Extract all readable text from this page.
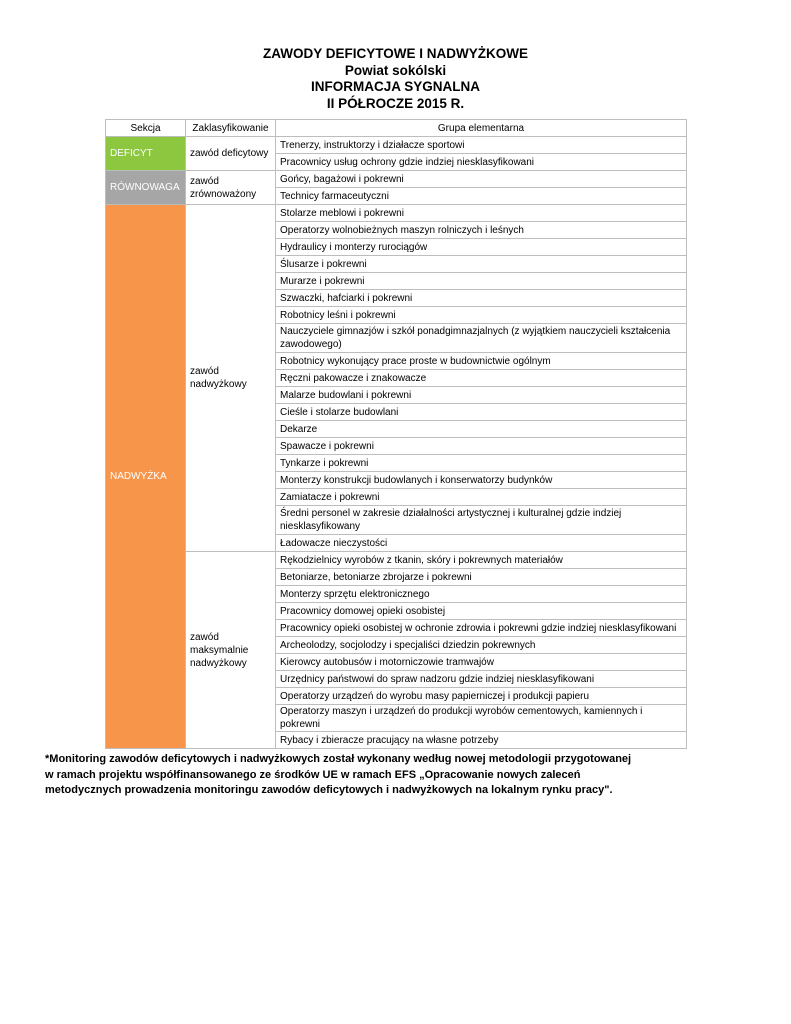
ZAWODY DEFICYTOWE I NADWYŻKOWE

Powiat sokólski

INFORMACJA SYGNALNA

II PÓŁROCZE 2015 R.

Sekcja	Zaklasyfikowanie	Grupa elementarna
DEFICYT	zawód deficytowy	Trenerzy, instruktorzy i działacze sportowi
		Pracownicy usług ochrony gdzie indziej niesklasyfikowani
RÓWNOWAGA	zawód zrównoważony	Gońcy, bagażowi i pokrewni
		Technicy farmaceutyczni
NADWYŻKA	zawód nadwyżkowy	Stolarze meblowi i pokrewni
		Operatorzy wolnobieżnych maszyn rolniczych i leśnych
		Hydraulicy i monterzy rurociągów
		Ślusarze i pokrewni
		Murarze i pokrewni
		Szwaczki, hafciarki i pokrewni
		Robotnicy leśni i pokrewni
		Nauczyciele gimnazjów i szkół ponadgimnazjalnych (z wyjątkiem nauczycieli kształcenia zawodowego)
		Robotnicy wykonujący prace proste w budownictwie ogólnym
		Ręczni pakowacze i znakowacze
		Malarze budowlani i pokrewni
		Cieśle i stolarze budowlani
		Dekarze
		Spawacze i pokrewni
		Tynkarze i pokrewni
		Monterzy konstrukcji budowlanych i konserwatorzy budynków
		Zamiatacze i pokrewni
		Średni personel w zakresie działalności artystycznej i kulturalnej gdzie indziej niesklasyfikowany
		Ładowacze nieczystości
	zawód maksymalnie nadwyżkowy	Rękodzielnicy wyrobów z tkanin, skóry i pokrewnych materiałów
		Betoniarze, betoniarze zbrojarze i pokrewni
		Monterzy sprzętu elektronicznego
		Pracownicy domowej opieki osobistej
		Pracownicy opieki osobistej w ochronie zdrowia i pokrewni gdzie indziej niesklasyfikowani
		Archeolodzy, socjolodzy i specjaliści dziedzin pokrewnych
		Kierowcy autobusów i motorniczowie tramwajów
		Urzędnicy państwowi do spraw nadzoru gdzie indziej niesklasyfikowani
		Operatorzy urządzeń do wyrobu masy papierniczej i produkcji papieru
		Operatorzy maszyn i urządzeń do produkcji wyrobów cementowych, kamiennych i pokrewni
		Rybacy i zbieracze pracujący na własne potrzeby

*Monitoring zawodów deficytowych i nadwyżkowych został wykonany według nowej metodologii przygotowanej

w ramach projektu współfinansowanego ze środków UE w ramach EFS „Opracowanie nowych zaleceń

metodycznych prowadzenia monitoringu zawodów deficytowych i nadwyżkowych na lokalnym rynku pracy".
